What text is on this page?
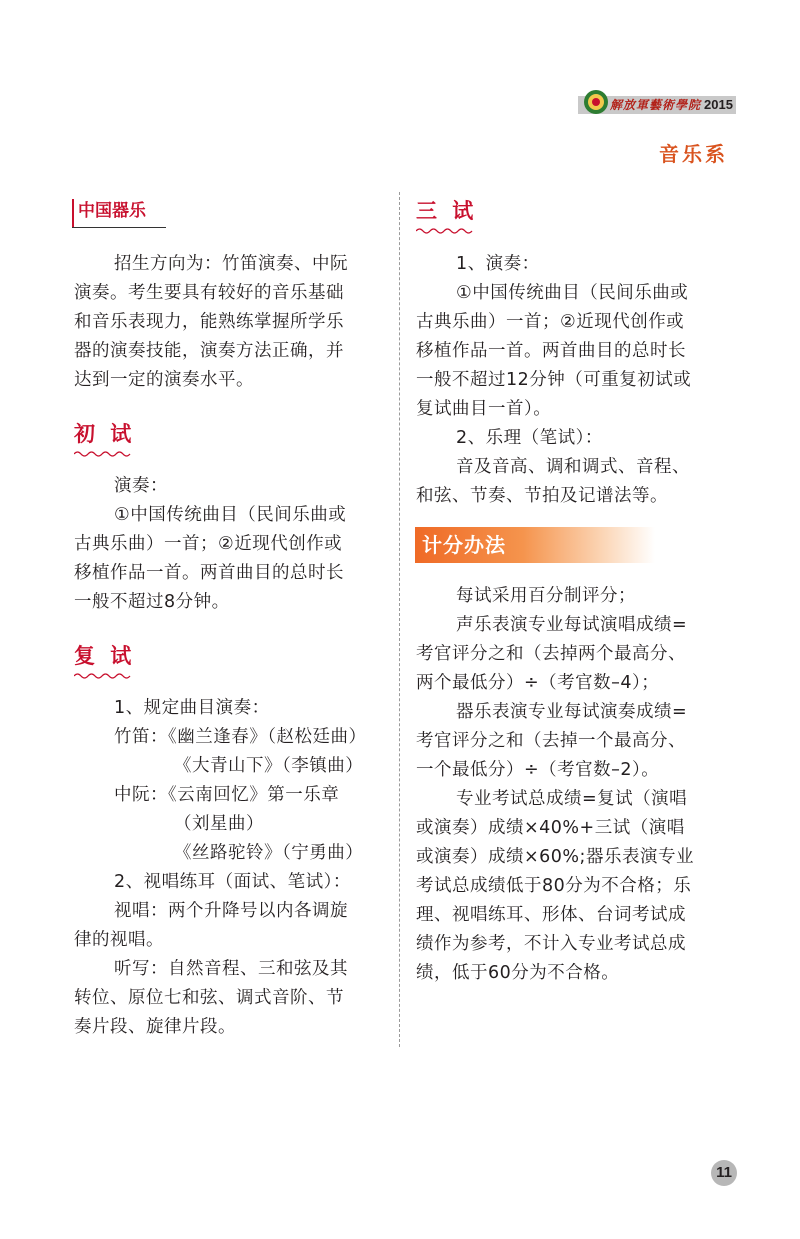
解放軍藝術學院 2015
音乐系
中国器乐
招生方向为：竹笛演奏、中阮
演奏。考生要具有较好的音乐基础
和音乐表现力，能熟练掌握所学乐
器的演奏技能，演奏方法正确，并
达到一定的演奏水平。
初 试
演奏：
①中国传统曲目（民间乐曲或
古典乐曲）一首；②近现代创作或
移植作品一首。两首曲目的总时长
一般不超过8分钟。
复 试
1、规定曲目演奏：
竹笛：《幽兰逢春》（赵松廷曲）
《大青山下》（李镇曲）
中阮：《云南回忆》第一乐章
（刘星曲）
《丝路驼铃》（宁勇曲）
2、视唱练耳（面试、笔试）：
视唱：两个升降号以内各调旋
律的视唱。
听写：自然音程、三和弦及其
转位、原位七和弦、调式音阶、节
奏片段、旋律片段。
三 试
1、演奏：
①中国传统曲目（民间乐曲或
古典乐曲）一首；②近现代创作或
移植作品一首。两首曲目的总时长
一般不超过12分钟（可重复初试或
复试曲目一首）。
2、乐理（笔试）：
音及音高、调和调式、音程、
和弦、节奏、节拍及记谱法等。
计分办法
每试采用百分制评分；
声乐表演专业每试演唱成绩=
考官评分之和（去掉两个最高分、
两个最低分）÷（考官数–4）；
器乐表演专业每试演奏成绩=
考官评分之和（去掉一个最高分、
一个最低分）÷（考官数–2）。
专业考试总成绩=复试（演唱
或演奏）成绩×40%+三试（演唱
或演奏）成绩×60%;器乐表演专业
考试总成绩低于80分为不合格；乐
理、视唱练耳、形体、台词考试成
绩作为参考，不计入专业考试总成
绩，低于60分为不合格。
11
